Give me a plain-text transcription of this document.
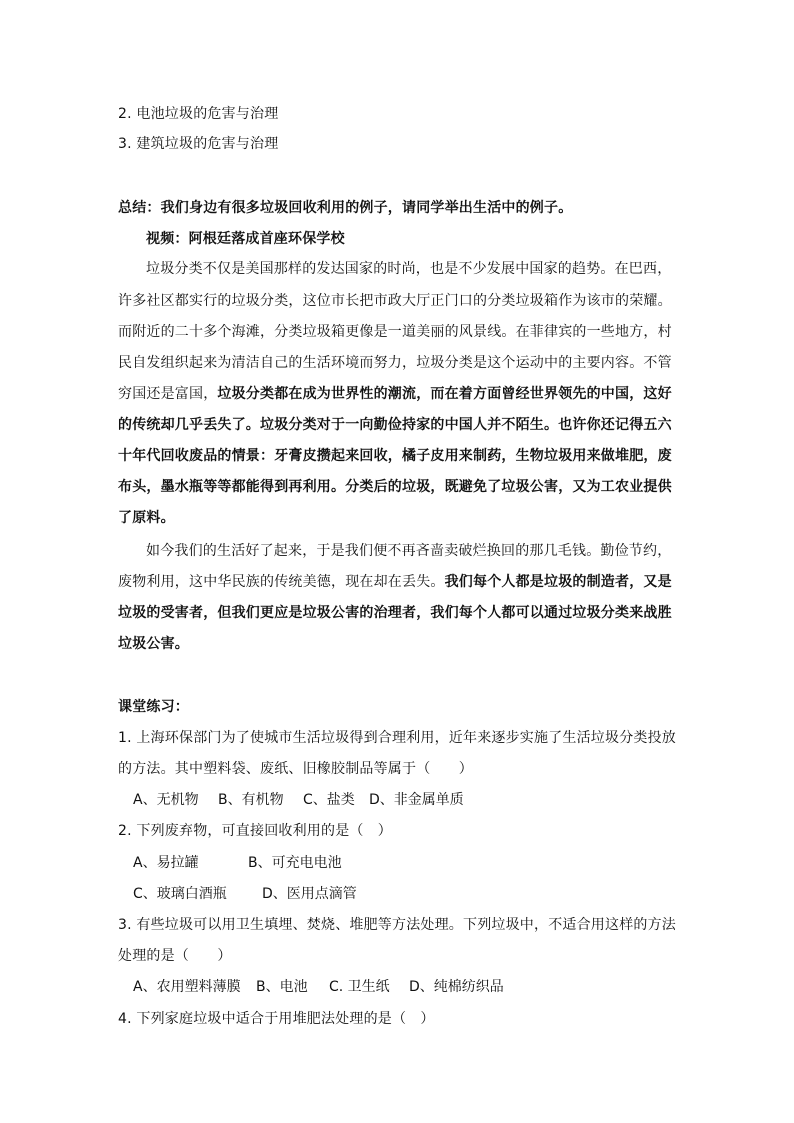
2. 电池垃圾的危害与治理
3. 建筑垃圾的危害与治理
总结：我们身边有很多垃圾回收利用的例子，请同学举出生活中的例子。
视频：阿根廷落成首座环保学校
垃圾分类不仅是美国那样的发达国家的时尚，也是不少发展中国家的趋势。在巴西，
许多社区都实行的垃圾分类，这位市长把市政大厅正门口的分类垃圾箱作为该市的荣耀。
而附近的二十多个海滩，分类垃圾箱更像是一道美丽的风景线。在菲律宾的一些地方，村
民自发组织起来为清洁自己的生活环境而努力，垃圾分类是这个运动中的主要内容。不管
穷国还是富国，垃圾分类都在成为世界性的潮流，而在着方面曾经世界领先的中国，这好
的传统却几乎丢失了。垃圾分类对于一向勤俭持家的中国人并不陌生。也许你还记得五六
十年代回收废品的情景：牙膏皮攒起来回收，橘子皮用来制药，生物垃圾用来做堆肥，废
布头，墨水瓶等等都能得到再利用。分类后的垃圾，既避免了垃圾公害，又为工农业提供
了原料。
如今我们的生活好了起来，于是我们便不再吝啬卖破烂换回的那几毛钱。勤俭节约，
废物利用，这中华民族的传统美德，现在却在丢失。我们每个人都是垃圾的制造者，又是
垃圾的受害者，但我们更应是垃圾公害的治理者，我们每个人都可以通过垃圾分类来战胜
垃圾公害。
课堂练习：
1. 上海环保部门为了使城市生活垃圾得到合理利用，近年来逐步实施了生活垃圾分类投放
的方法。其中塑料袋、废纸、旧橡胶制品等属于（　　）
A、无机物 B、有机物 C、盐类 D、非金属单质
2. 下列废弃物，可直接回收利用的是（　）
A、易拉罐	B、可充电电池
C、玻璃白酒瓶	D、医用点滴管
3. 有些垃圾可以用卫生填埋、焚烧、堆肥等方法处理。下列垃圾中，不适合用这样的方法
处理的是（　　）
A、农用塑料薄膜 B、电池 C. 卫生纸 D、纯棉纺织品
4. 下列家庭垃圾中适合于用堆肥法处理的是（　）
